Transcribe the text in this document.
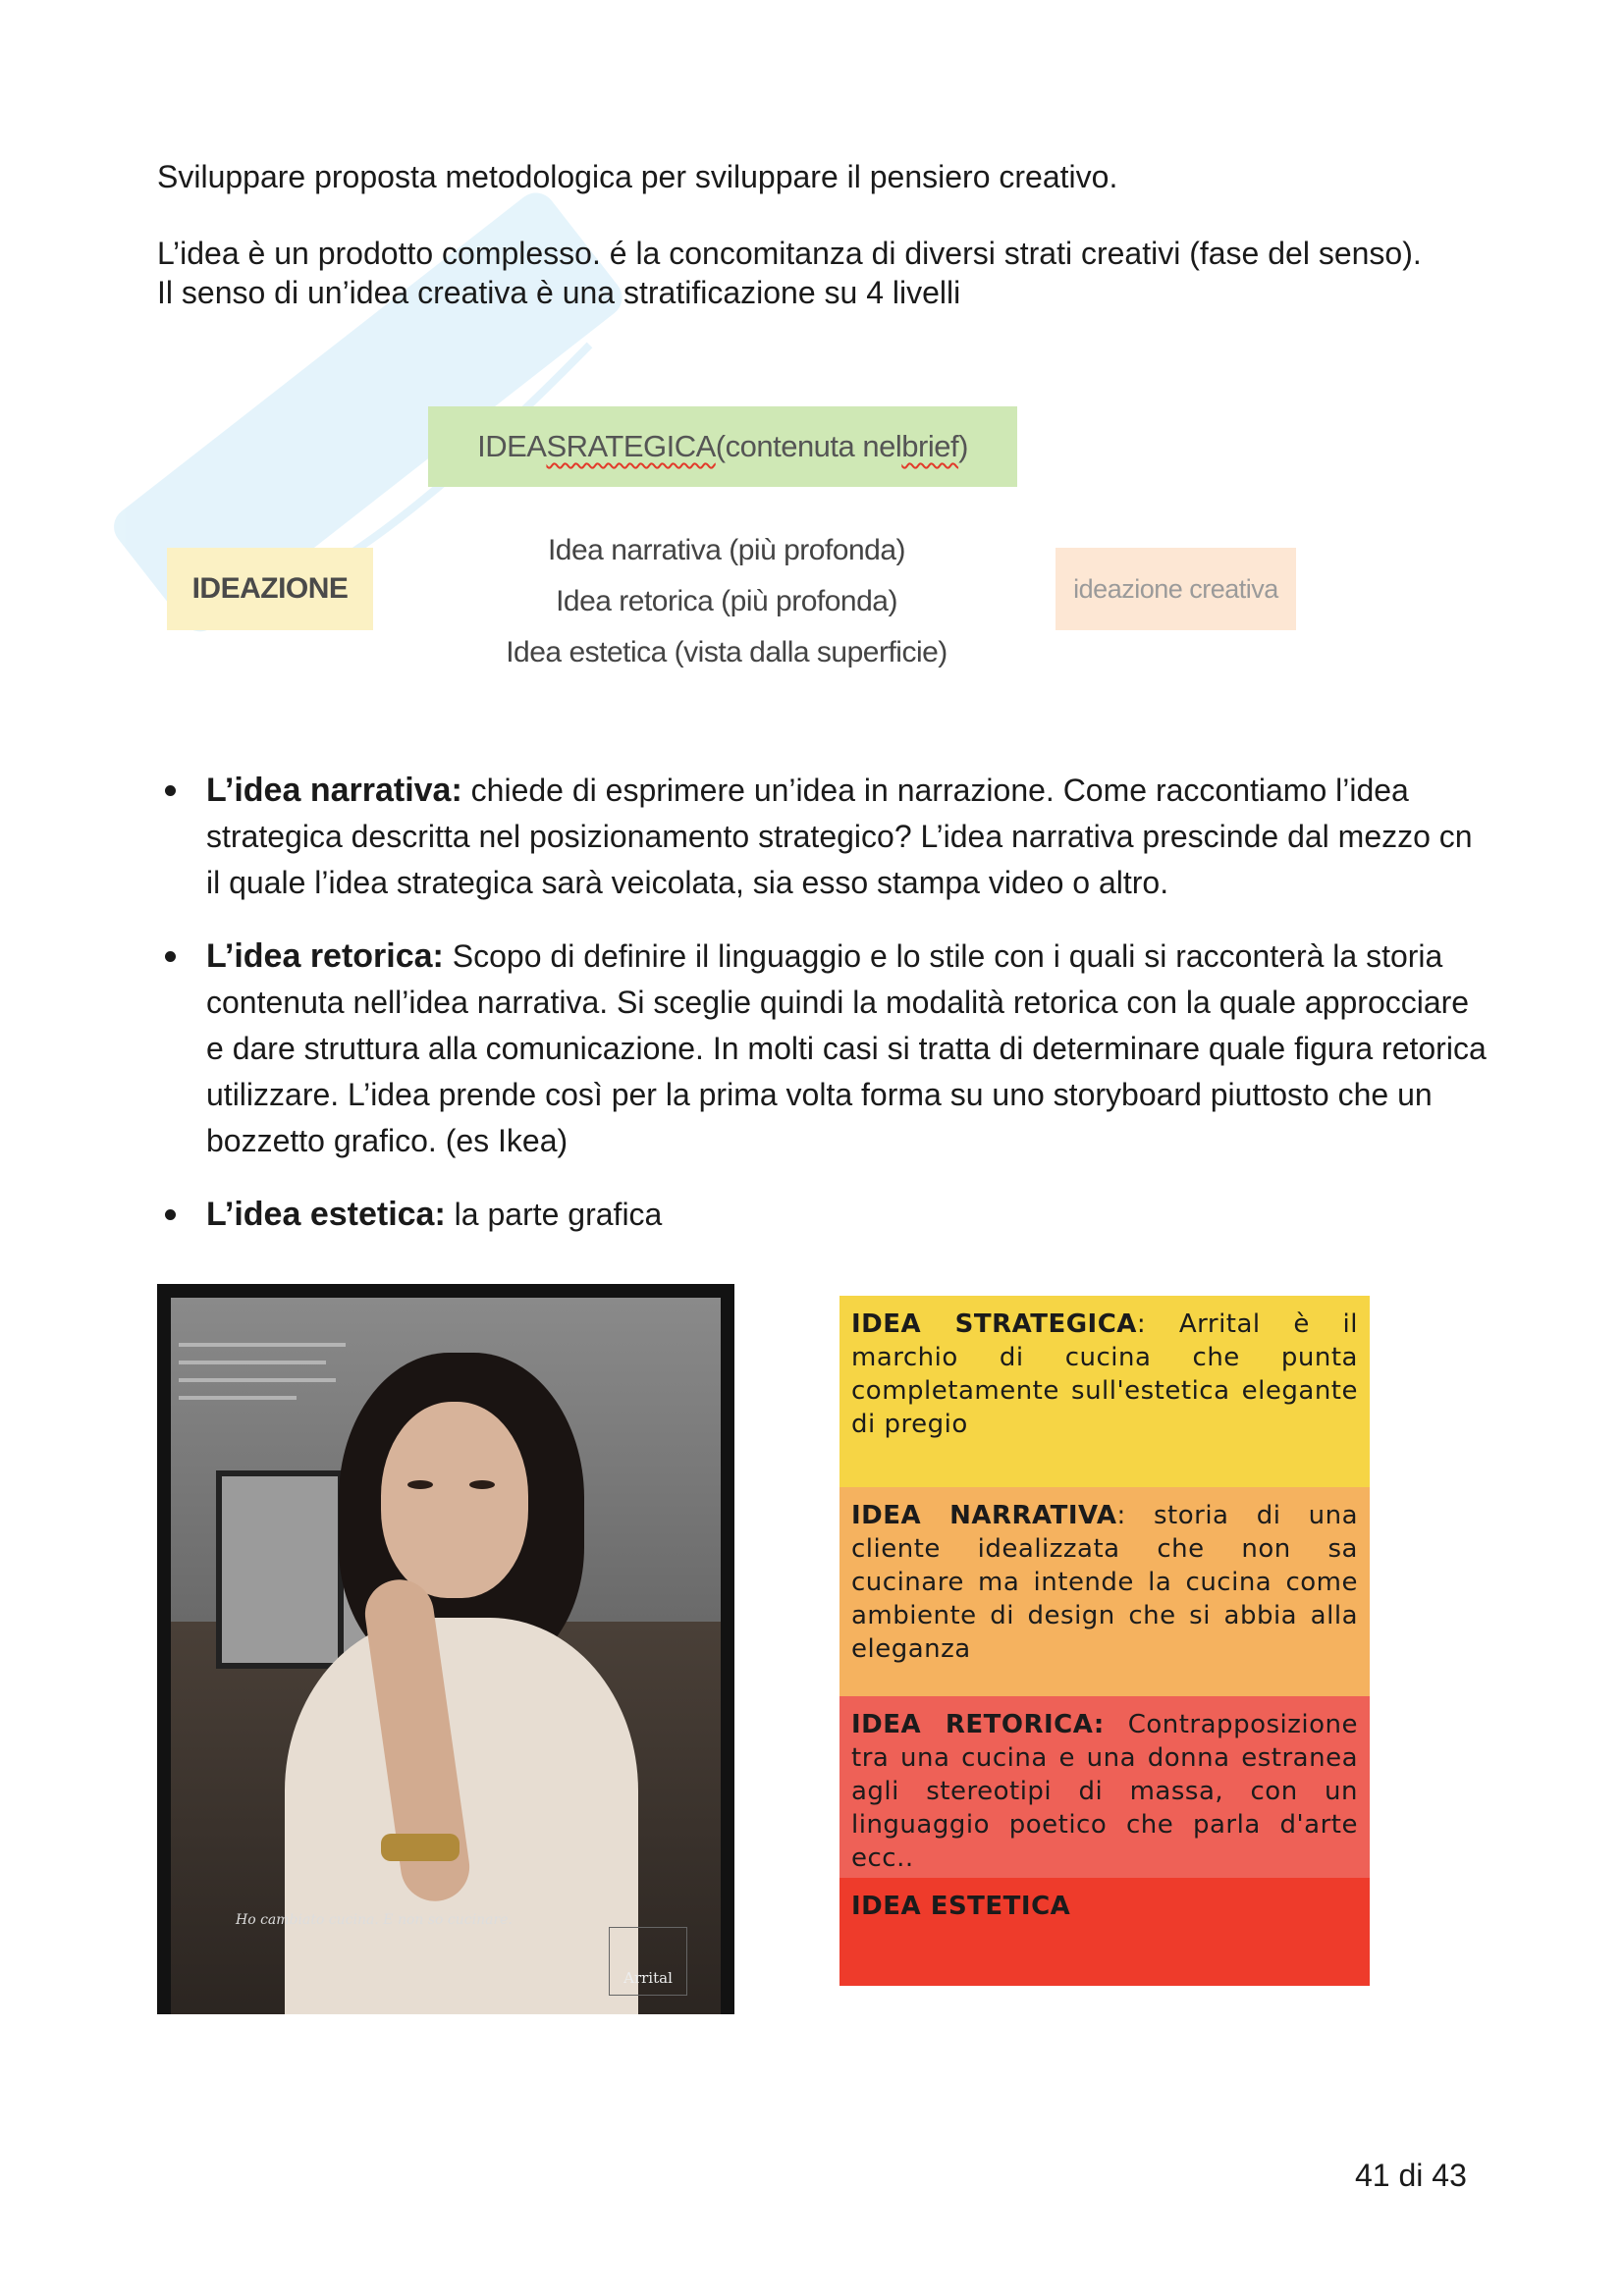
Sviluppare proposta metodologica per sviluppare il pensiero creativo.

L’idea è un prodotto complesso. é la concomitanza di diversi strati creativi (fase del senso). Il senso di un’idea creativa è una stratificazione su 4 livelli

IDEA SRATEGICA (contenuta nel brief )
IDEAZIONE
Idea narrativa (più profonda)
Idea retorica (più profonda)
Idea estetica (vista dalla superficie)
ideazione creativa
L’idea narrativa: chiede di esprimere un’idea in narrazione. Come raccontiamo l’idea strategica descritta nel posizionamento strategico? L’idea narrativa prescinde dal mezzo cn il quale l’idea strategica sarà veicolata, sia esso stampa video o altro.
L’idea retorica: Scopo di definire il linguaggio e lo stile con i quali si racconterà la storia contenuta nell’idea narrativa. Si sceglie quindi la modalità retorica con la quale approcciare e dare struttura alla comunicazione. In molti casi si tratta di determinare quale figura retorica utilizzare. L’idea prende così per la prima volta forma su uno storyboard piuttosto che un bozzetto grafico. (es Ikea)
L’idea estetica: la parte grafica
Ho cambiato cucina. E non so cucinare.
Arrital
IDEA STRATEGICA: Arrital è il marchio di cucina che punta completamente sull'estetica elegante di pregio
IDEA NARRATIVA: storia di una cliente idealizzata che non sa cucinare ma intende la cucina come ambiente di design che si abbia alla eleganza
IDEA RETORICA: Contrapposizione tra una cucina e una donna estranea agli stereotipi di massa, con un linguaggio poetico che parla d'arte ecc..
IDEA ESTETICA
41 di 43
